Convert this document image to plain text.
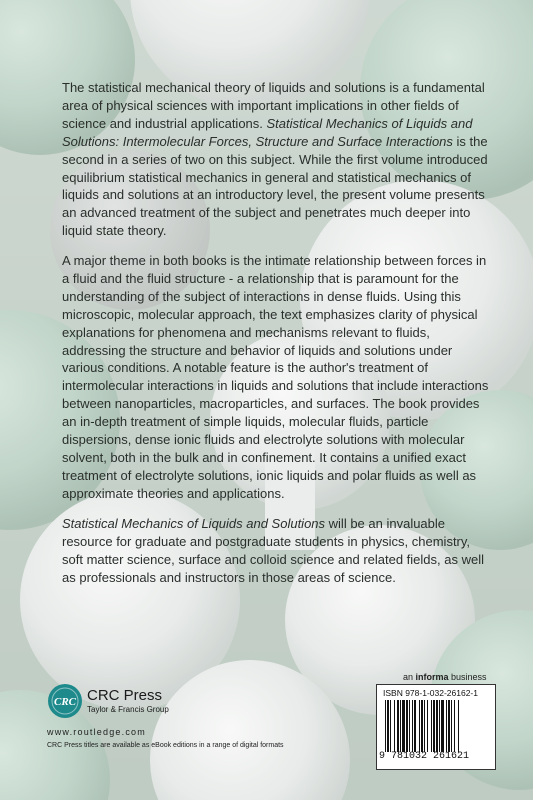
The statistical mechanical theory of liquids and solutions is a fundamental area of physical sciences with important implications in other fields of science and industrial applications. Statistical Mechanics of Liquids and Solutions: Intermolecular Forces, Structure and Surface Interactions is the second in a series of two on this subject. While the first volume introduced equilibrium statistical mechanics in general and statistical mechanics of liquids and solutions at an introductory level, the present volume presents an advanced treatment of the subject and penetrates much deeper into liquid state theory.

A major theme in both books is the intimate relationship between forces in a fluid and the fluid structure - a relationship that is paramount for the understanding of the subject of interactions in dense fluids. Using this microscopic, molecular approach, the text emphasizes clarity of physical explanations for phenomena and mechanisms relevant to fluids, addressing the structure and behavior of liquids and solutions under various conditions. A notable feature is the author's treatment of intermolecular interactions in liquids and solutions that include interactions between nanoparticles, macroparticles, and surfaces. The book provides an in-depth treatment of simple liquids, molecular fluids, particle dispersions, dense ionic fluids and electrolyte solutions with molecular solvent, both in the bulk and in confinement. It contains a unified exact treatment of electrolyte solutions, ionic liquids and polar fluids as well as approximate theories and applications.

Statistical Mechanics of Liquids and Solutions will be an invaluable resource for graduate and postgraduate students in physics, chemistry, soft matter science, surface and colloid science and related fields, as well as professionals and instructors in those areas of science.

an informa business
CRC CRC Press
Taylor & Francis Group
www.routledge.com
CRC Press titles are available as eBook editions in a range of digital formats
ISBN 978-1-032-26162-1
9 781032 261621
